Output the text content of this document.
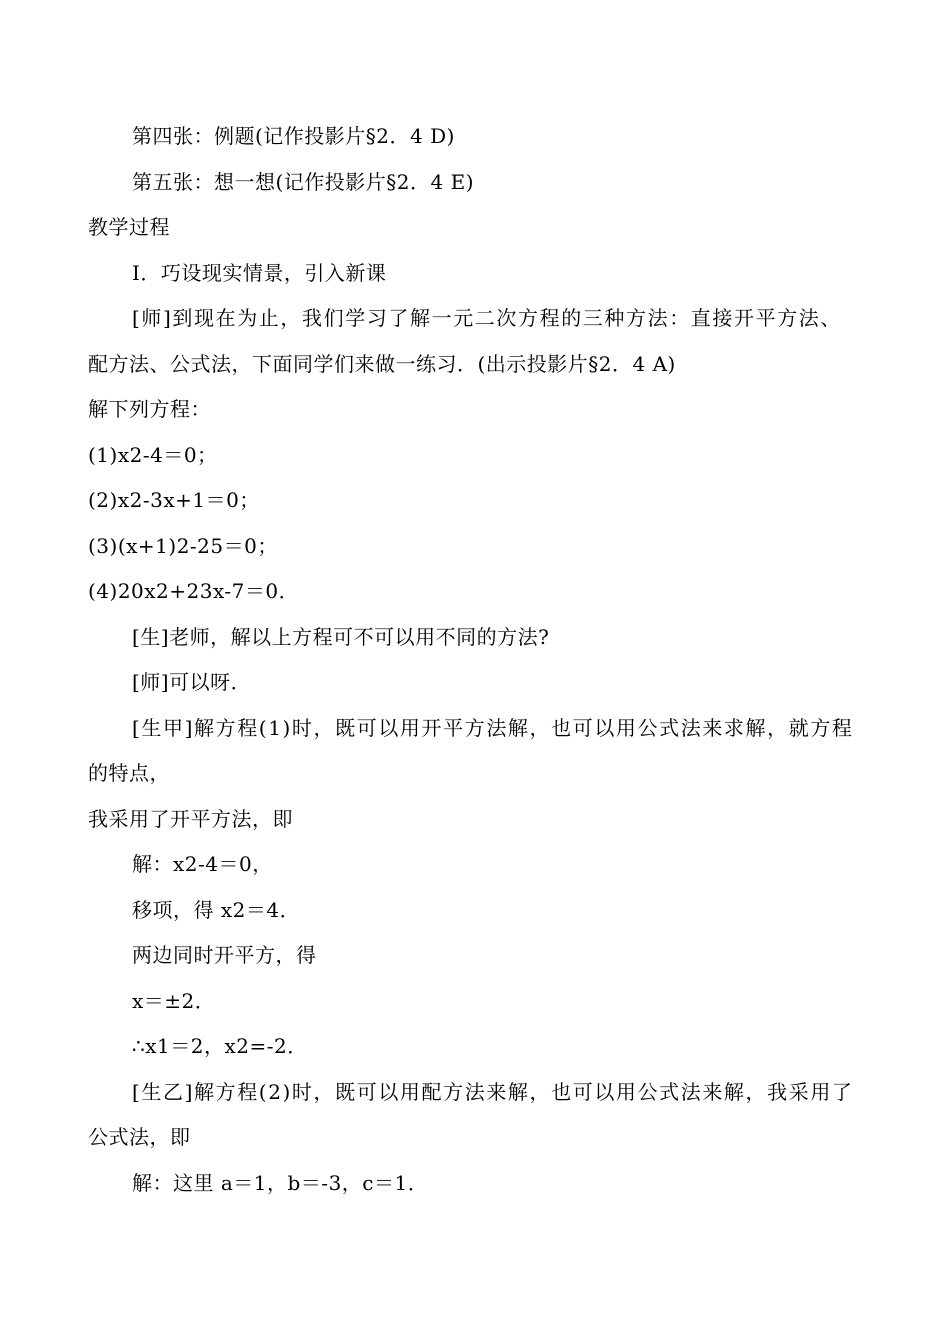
第四张：例题(记作投影片§2．4 D)
第五张：想一想(记作投影片§2．4 E)
教学过程
Ⅰ．巧设现实情景，引入新课
[师]到现在为止，我们学习了解一元二次方程的三种方法：直接开平方法、
配方法、公式法，下面同学们来做一练习．(出示投影片§2．4 A)
解下列方程：
(1)x2-4＝0；
(2)x2-3x+1＝0；
(3)(x+1)2-25＝0；
(4)20x2+23x-7＝0．
[生]老师，解以上方程可不可以用不同的方法?
[师]可以呀．
[生甲]解方程(1)时，既可以用开平方法解，也可以用公式法来求解，就方程
的特点，
我采用了开平方法，即
解：x2-4＝0，
移项，得 x2＝4．
两边同时开平方，得
x＝±2．
∴x1＝2，x2=-2．
[生乙]解方程(2)时，既可以用配方法来解，也可以用公式法来解，我采用了
公式法，即
解：这里 a＝1，b＝-3，c＝1．
